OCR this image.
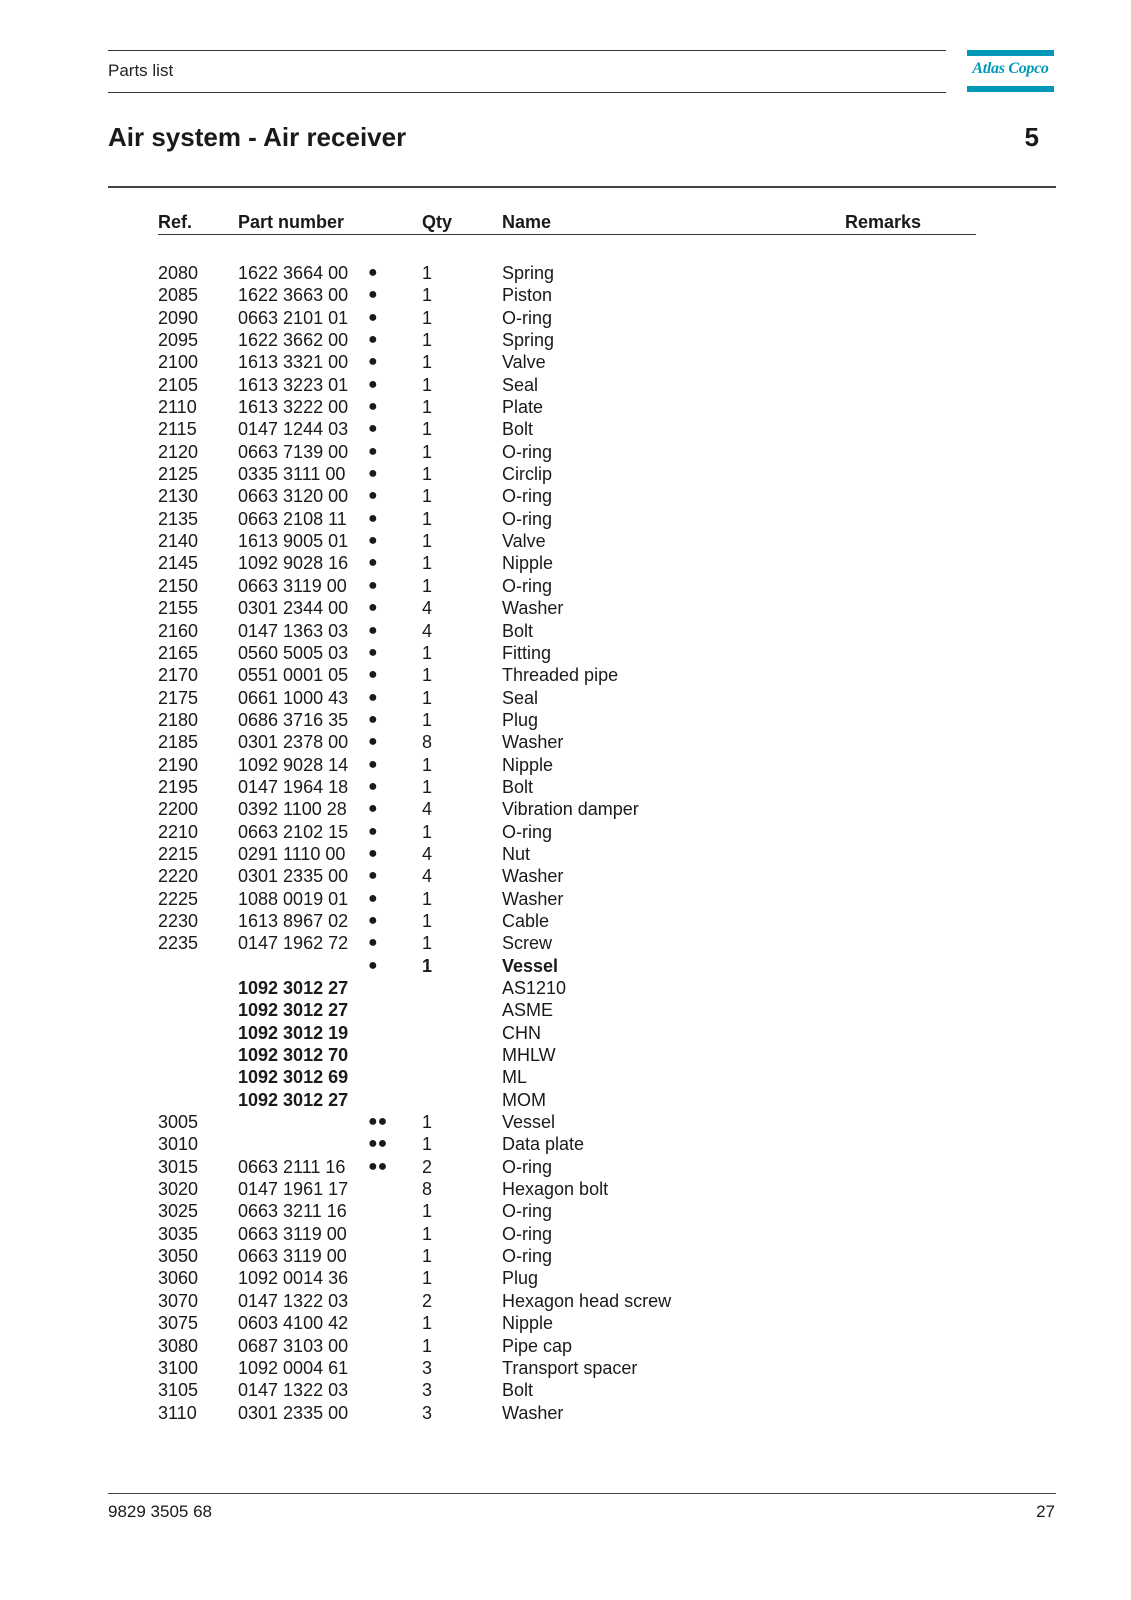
Parts list	Atlas Copco
Air system - Air receiver	5
Ref.	Part number	Qty	Name	Remarks
2080 1622 3664 00 ● 1	Spring
2085 1622 3663 00 ● 1	Piston
2090 0663 2101 01 ● 1	O-ring
2095 1622 3662 00 ● 1	Spring
2100 1613 3321 00 ● 1	Valve
2105 1613 3223 01 ● 1	Seal
2110 1613 3222 00 ● 1	Plate
2115 0147 1244 03 ● 1	Bolt
2120 0663 7139 00 ● 1	O-ring
2125 0335 3111 00 ● 1	Circlip
2130 0663 3120 00 ● 1	O-ring
2135 0663 2108 11 ● 1	O-ring
2140 1613 9005 01 ● 1	Valve
2145 1092 9028 16 ● 1	Nipple
2150 0663 3119 00 ● 1	O-ring
2155 0301 2344 00 ● 4	Washer
2160 0147 1363 03 ● 4	Bolt
2165 0560 5005 03 ● 1	Fitting
2170 0551 0001 05 ● 1	Threaded pipe
2175 0661 1000 43 ● 1	Seal
2180 0686 3716 35 ● 1	Plug
2185 0301 2378 00 ● 8	Washer
2190 1092 9028 14 ● 1	Nipple
2195 0147 1964 18 ● 1	Bolt
2200 0392 1100 28 ● 4	Vibration damper
2210 0663 2102 15 ● 1	O-ring
2215 0291 1110 00 ● 4	Nut
2220 0301 2335 00 ● 4	Washer
2225 1088 0019 01 ● 1	Washer
2230 1613 8967 02 ● 1	Cable
2235 0147 1962 72 ● 1	Screw
● 1	Vessel
1092 3012 27	AS1210
1092 3012 27	ASME
1092 3012 19	CHN
1092 3012 70	MHLW
1092 3012 69	ML
1092 3012 27	MOM
3005	●● 1	Vessel
3010	●● 1	Data plate
3015 0663 2111 16 ●● 2	O-ring
3020 0147 1961 17	8	Hexagon bolt
3025 0663 3211 16	1	O-ring
3035 0663 3119 00	1	O-ring
3050 0663 3119 00	1	O-ring
3060 1092 0014 36	1	Plug
3070 0147 1322 03	2	Hexagon head screw
3075 0603 4100 42	1	Nipple
3080 0687 3103 00	1	Pipe cap
3100 1092 0004 61	3	Transport spacer
3105 0147 1322 03	3	Bolt
3110 0301 2335 00	3	Washer
9829 3505 68	27
